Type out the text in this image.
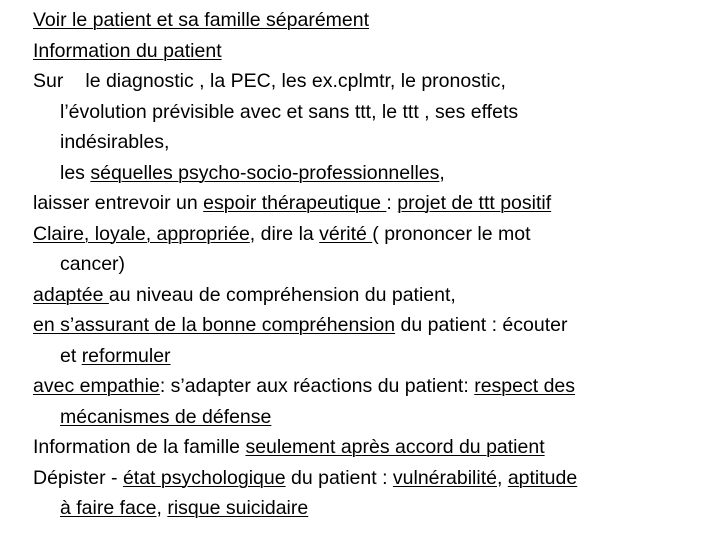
Voir le patient et sa famille séparément
Information du patient
Sur le diagnostic , la PEC, les ex.cplmtr, le pronostic,
l’évolution prévisible avec et sans ttt, le ttt , ses effets
indésirables,
les séquelles psycho-socio-professionnelles,
laisser entrevoir un espoir thérapeutique : projet de ttt positif
Claire, loyale, appropriée, dire la vérité ( prononcer le mot
cancer)
adaptée au niveau de compréhension du patient,
en s’assurant de la bonne compréhension du patient : écouter
et reformuler
avec empathie: s’adapter aux réactions du patient: respect des
mécanismes de défense
Information de la famille seulement après accord du patient
Dépister - état psychologique du patient : vulnérabilité, aptitude
à faire face, risque suicidaire
